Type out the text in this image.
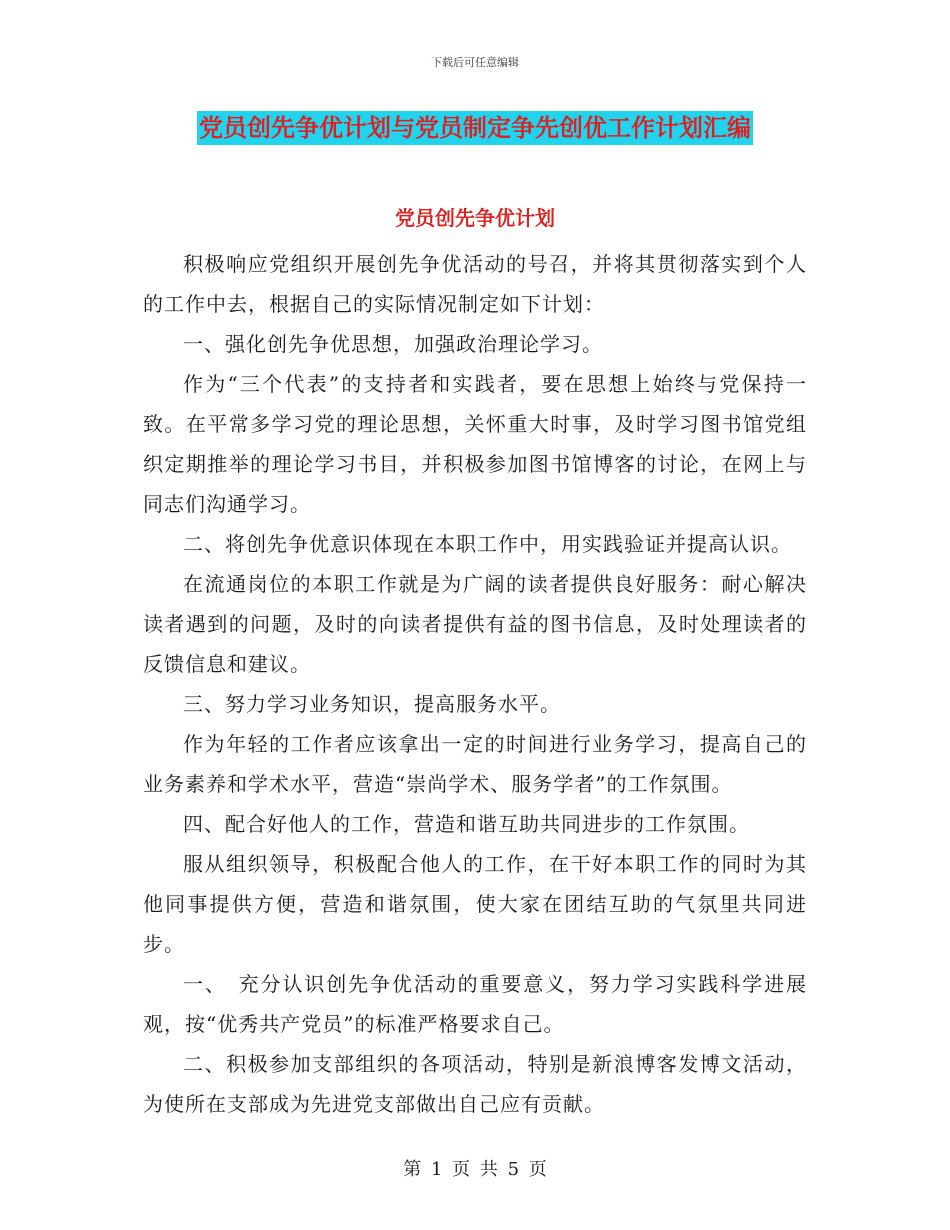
下载后可任意编辑
党员创先争优计划与党员制定争先创优工作计划汇编
党员创先争优计划

积极响应党组织开展创先争优活动的号召，并将其贯彻落实到个人的工作中去，根据自己的实际情况制定如下计划：

一、强化创先争优思想，加强政治理论学习。

作为“三个代表”的支持者和实践者，要在思想上始终与党保持一致。在平常多学习党的理论思想，关怀重大时事，及时学习图书馆党组织定期推举的理论学习书目，并积极参加图书馆博客的讨论，在网上与同志们沟通学习。

二、将创先争优意识体现在本职工作中，用实践验证并提高认识。

在流通岗位的本职工作就是为广阔的读者提供良好服务：耐心解决读者遇到的问题，及时的向读者提供有益的图书信息，及时处理读者的反馈信息和建议。

三、努力学习业务知识，提高服务水平。

作为年轻的工作者应该拿出一定的时间进行业务学习，提高自己的业务素养和学术水平，营造“崇尚学术、服务学者”的工作氛围。

四、配合好他人的工作，营造和谐互助共同进步的工作氛围。

服从组织领导，积极配合他人的工作，在干好本职工作的同时为其他同事提供方便，营造和谐氛围，使大家在团结互助的气氛里共同进步。

一、　充分认识创先争优活动的重要意义，努力学习实践科学进展观，按“优秀共产党员”的标准严格要求自己。

二、积极参加支部组织的各项活动，特别是新浪博客发博文活动，为使所在支部成为先进党支部做出自己应有贡献。

第 1 页 共 5 页
